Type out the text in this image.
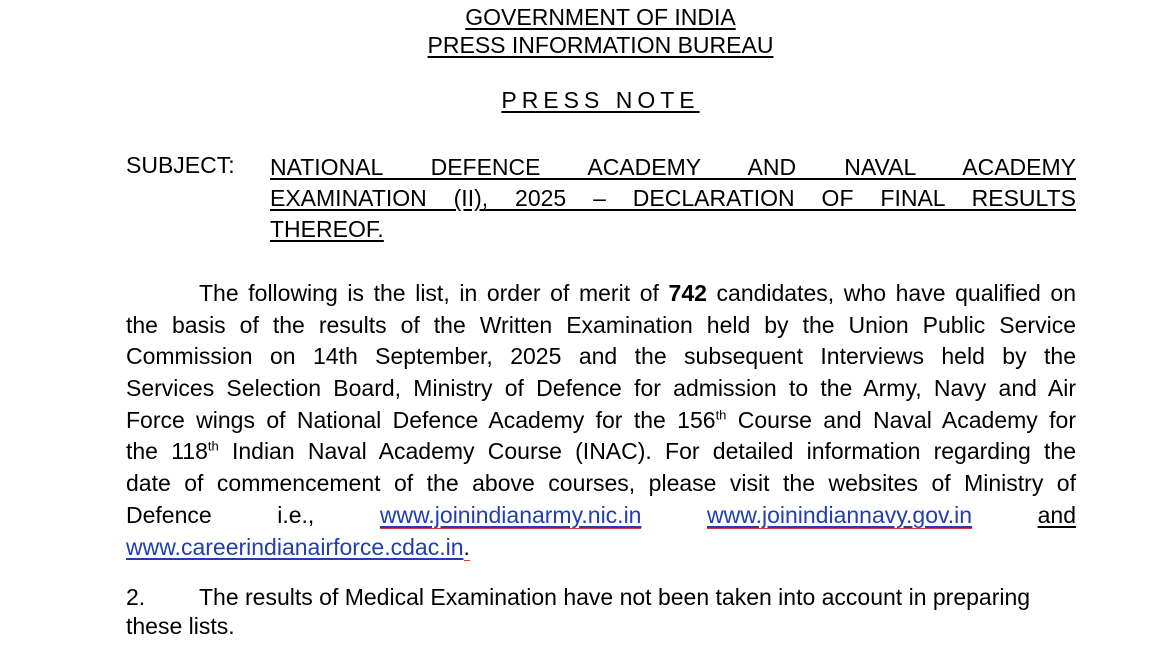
GOVERNMENT OF INDIA
PRESS INFORMATION BUREAU
PRESS NOTE
SUBJECT: NATIONAL DEFENCE ACADEMY AND NAVAL ACADEMY
EXAMINATION (II), 2025 – DECLARATION OF FINAL RESULTS
THEREOF.
The following is the list, in order of merit of 742 candidates, who have qualified on
the basis of the results of the Written Examination held by the Union Public Service
Commission on 14th September, 2025 and the subsequent Interviews held by the
Services Selection Board, Ministry of Defence for admission to the Army, Navy and Air
Force wings of National Defence Academy for the 156th Course and Naval Academy for
the 118th Indian Naval Academy Course (INAC). For detailed information regarding the
date of commencement of the above courses, please visit the websites of Ministry of
Defence	i.e.,	www.joinindianarmy.nic.in	www.joinindiannavy.gov.in	and
www.careerindianairforce.cdac.in.
2. The results of Medical Examination have not been taken into account in preparing
these lists.
